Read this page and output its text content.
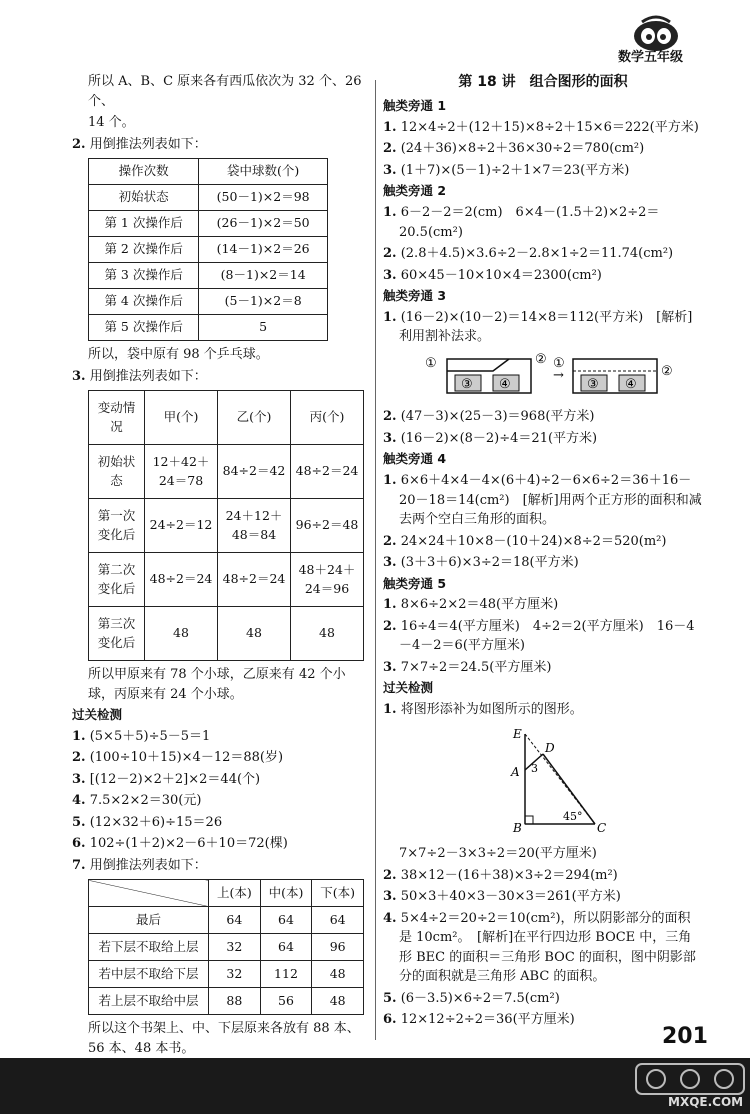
数学五年级
所以 A、B、C 原来各有西瓜依次为 32 个、26 个、
14 个。
2. 用倒推法列表如下：
操作次数	袋中球数(个)
初始状态	(50－1)×2＝98
第 1 次操作后	(26－1)×2＝50
第 2 次操作后	(14－1)×2＝26
第 3 次操作后	(8－1)×2＝14
第 4 次操作后	(5－1)×2＝8
第 5 次操作后	5
所以，袋中原有 98 个乒乓球。
3. 用倒推法列表如下：
变动情况	甲(个)	乙(个)	丙(个)
初始状态	12＋42＋24＝78	84÷2＝42	48÷2＝24
第一次变化后	24÷2＝12	24＋12＋48＝84	96÷2＝48
第二次变化后	48÷2＝24	48÷2＝24	48＋24＋24＝96
第三次变化后	48	48	48
所以甲原来有 78 个小球，乙原来有 42 个小球，丙原来有 24 个小球。
过关检测
1. (5×5＋5)÷5－5＝1
2. (100÷10＋15)×4－12＝88(岁)
3. [(12－2)×2＋2]×2＝44(个)
4. 7.5×2×2＝30(元)
5. (12×32＋6)÷15＝26
6. 102÷(1＋2)×2－6＋10＝72(棵)
7. 用倒推法列表如下：
	上(本)	中(本)	下(本)
最后	64	64	64
若下层不取给上层	32	64	96
若中层不取给下层	32	112	48
若上层不取给中层	88	56	48
所以这个书架上、中、下层原来各放有 88 本、56 本、48 本书。
第 18 讲　组合图形的面积
触类旁通 1
1. 12×4÷2＋(12＋15)×8÷2＋15×6＝222(平方米)
2. (24＋36)×8÷2＋36×30÷2＝780(cm²)
3. (1＋7)×(5－1)÷2＋1×7＝23(平方米)
触类旁通 2
1. 6－2－2＝2(cm)　6×4－(1.5＋2)×2÷2＝20.5(cm²)
2. (2.8＋4.5)×3.6÷2－2.8×1÷2＝11.74(cm²)
3. 60×45－10×10×4＝2300(cm²)
触类旁通 3
1. (16－2)×(10－2)＝14×8＝112(平方米)　[解析]利用割补法求。
①	②
③ ④
→
①
②
③ ④
2. (47－3)×(25－3)＝968(平方米)
3. (16－2)×(8－2)÷4＝21(平方米)
触类旁通 4
1. 6×6＋4×4－4×(6＋4)÷2－6×6÷2＝36＋16－20－18＝14(cm²)　[解析]用两个正方形的面积和减去两个空白三角形的面积。
2. 24×24＋10×8－(10＋24)×8÷2＝520(m²)
3. (3＋3＋6)×3÷2＝18(平方米)
触类旁通 5
1. 8×6÷2×2＝48(平方厘米)
2. 16÷4＝4(平方厘米)　4÷2＝2(平方厘米)　16－4－4－2＝6(平方厘米)
3. 7×7÷2＝24.5(平方厘米)
过关检测
1. 将图形添补为如图所示的图形。
E
D
A
B	C
3
45°
7×7÷2－3×3÷2＝20(平方厘米)
2. 38×12－(16＋38)×3÷2＝294(m²)
3. 50×3＋40×3－30×3＝261(平方米)
4. 5×4÷2＝20÷2＝10(cm²)，所以阴影部分的面积是 10cm²。　[解析]在平行四边形 BOCE 中，三角形 BEC 的面积＝三角形 BOC 的面积，图中阴影部分的面积就是三角形 ABC 的面积。
5. (6－3.5)×6÷2＝7.5(cm²)
6. 12×12÷2÷2＝36(平方厘米)
201
MXQE.COM
